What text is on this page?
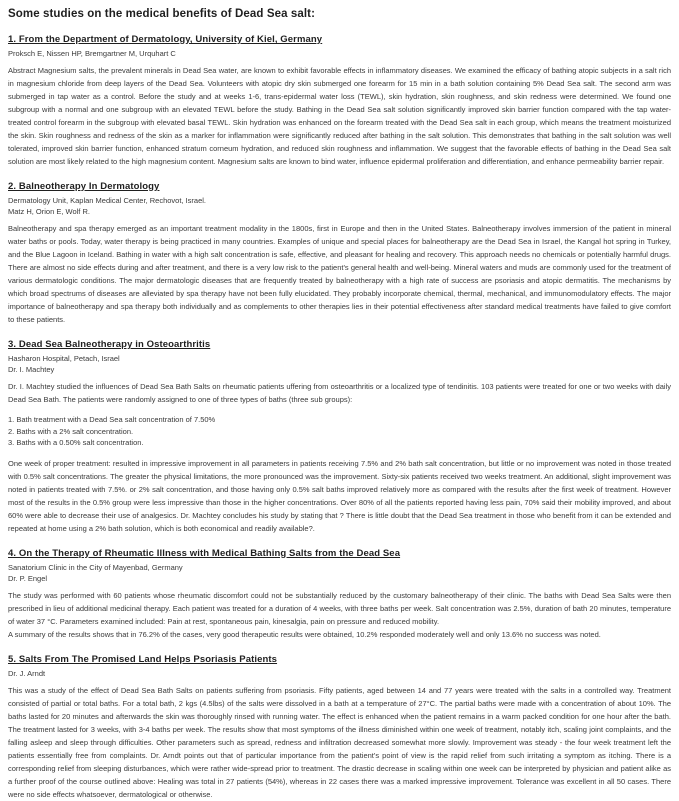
Some studies on the medical benefits of Dead Sea salt:
1. From the Department of Dermatology, University of Kiel, Germany
Proksch E, Nissen HP, Bremgartner M, Urquhart C
Abstract Magnesium salts, the prevalent minerals in Dead Sea water, are known to exhibit favorable effects in inflammatory diseases. We examined the efficacy of bathing atopic subjects in a salt rich in magnesium chloride from deep layers of the Dead Sea. Volunteers with atopic dry skin submerged one forearm for 15 min in a bath solution containing 5% Dead Sea salt. The second arm was submerged in tap water as a control. Before the study and at weeks 1-6, trans-epidermal water loss (TEWL), skin hydration, skin roughness, and skin redness were determined. We found one subgroup with a normal and one subgroup with an elevated TEWL before the study. Bathing in the Dead Sea salt solution significantly improved skin barrier function compared with the tap water-treated control forearm in the subgroup with elevated basal TEWL. Skin hydration was enhanced on the forearm treated with the Dead Sea salt in each group, which means the treatment moisturized the skin. Skin roughness and redness of the skin as a marker for inflammation were significantly reduced after bathing in the salt solution. This demonstrates that bathing in the salt solution was well tolerated, improved skin barrier function, enhanced stratum corneum hydration, and reduced skin roughness and inflammation. We suggest that the favorable effects of bathing in the Dead Sea salt solution are most likely related to the high magnesium content. Magnesium salts are known to bind water, influence epidermal proliferation and differentiation, and enhance permeability barrier repair.
2. Balneotherapy In Dermatology
Dermatology Unit, Kaplan Medical Center, Rechovot, Israel.
Matz H, Orion E, Wolf R.
Balneotherapy and spa therapy emerged as an important treatment modality in the 1800s, first in Europe and then in the United States. Balneotherapy involves immersion of the patient in mineral water baths or pools. Today, water therapy is being practiced in many countries. Examples of unique and special places for balneotherapy are the Dead Sea in Israel, the Kangal hot spring in Turkey, and the Blue Lagoon in Iceland. Bathing in water with a high salt concentration is safe, effective, and pleasant for healing and recovery. This approach needs no chemicals or potentially harmful drugs. There are almost no side effects during and after treatment, and there is a very low risk to the patient's general health and well-being. Mineral waters and muds are commonly used for the treatment of various dermatologic conditions. The major dermatologic diseases that are frequently treated by balneotherapy with a high rate of success are psoriasis and atopic dermatitis. The mechanisms by which broad spectrums of diseases are alleviated by spa therapy have not been fully elucidated. They probably incorporate chemical, thermal, mechanical, and immunomodulatory effects. The major importance of balneotherapy and spa therapy both individually and as complements to other therapies lies in their potential effectiveness after standard medical treatments have failed to give comfort to these patients.
3. Dead Sea Balneotherapy in Osteoarthritis
Hasharon Hospital, Petach, Israel
Dr. I. Machtey
Dr. I. Machtey studied the influences of Dead Sea Bath Salts on rheumatic patients uffering from osteoarthritis or a localized type of tendinitis. 103 patients were treated for one or two weeks with daily Dead Sea Bath. The patients were randomly assigned to one of three types of baths (three sub groups):
1. Bath treatment with a Dead Sea salt concentration of 7.50%
2. Baths with a 2% salt concentration.
3. Baths with a 0.50% salt concentration.
One week of proper treatment: resulted in impressive improvement in all parameters in patients receiving 7.5% and 2% bath salt concentration, but little or no improvement was noted in those treated with 0.5% salt concentrations. The greater the physical limitations, the more pronounced was the improvement. Sixty-six patients received two weeks treatment. An additional, slight improvement was noted in patients treated with 7.5%. or 2% salt concentration, and those having only 0.5% salt baths improved relatively more as compared with the results after the first week of treatment. However most of the results in the 0.5% group were less impressive than those in the higher concentrations. Over 80% of all the patients reported having less pain, 70% said their mobility improved, and about 60% were able to decrease their use of analgesics. Dr. Machtey concludes his study by stating that ? There is little doubt that the Dead Sea treatment in those who benefit from it can be extended and repeated at home using a 2% bath solution, which is both economical and readily available?.
4. On the Therapy of Rheumatic Illness with Medical Bathing Salts from the Dead Sea
Sanatorium Clinic in the City of Mayenbad, Germany
Dr. P. Engel
The study was performed with 60 patients whose rheumatic discomfort could not be substantially reduced by the customary balneotherapy of their clinic. The baths with Dead Sea Salts were then prescribed in lieu of additional medicinal therapy. Each patient was treated for a duration of 4 weeks, with three baths per week. Salt concentration was 2.5%, duration of bath 20 minutes, temperature of water 37 °C. Parameters examined included: Pain at rest, spontaneous pain, kinesalgia, pain on pressure and reduced mobility.
A summary of the results shows that in 76.2% of the cases, very good therapeutic results were obtained, 10.2% responded moderately well and only 13.6% no success was noted.
5. Salts From The Promised Land Helps Psoriasis Patients
Dr. J. Arndt
This was a study of the effect of Dead Sea Bath Salts on patients suffering from psoriasis. Fifty patients, aged between 14 and 77 years were treated with the salts in a controlled way. Treatment consisted of partial or total baths. For a total bath, 2 kgs (4.5lbs) of the salts were dissolved in a bath at a temperature of 27°C. The partial baths were made with a concentration of about 10%. The baths lasted for 20 minutes and afterwards the skin was thoroughly rinsed with running water. The effect is enhanced when the patient remains in a warm packed condition for one hour after the bath. The treatment lasted for 3 weeks, with 3-4 baths per week. The results show that most symptoms of the illness diminished within one week of treatment, notably itch, scaling joint complaints, and the falling asleep and sleep through difficulties. Other parameters such as spread, redness and infiltration decreased somewhat more slowly. Improvement was steady - the four week treatment left the patients essentially free from complaints. Dr. Arndt points out that of particular importance from the patient's point of view is the rapid relief from such irritating a symptom as itching. There is a corresponding relief from sleeping disturbances, which were rather wide-spread prior to treatment. The drastic decrease in scaling within one week can be interpreted by physician and patient alike as a further proof of the course outlined above: Healing was total in 27 patients (54%), whereas in 22 cases there was a marked impressive improvement. Tolerance was excellent in all 50 cases. There were no side effects whatsoever, dermatological or otherwise.
